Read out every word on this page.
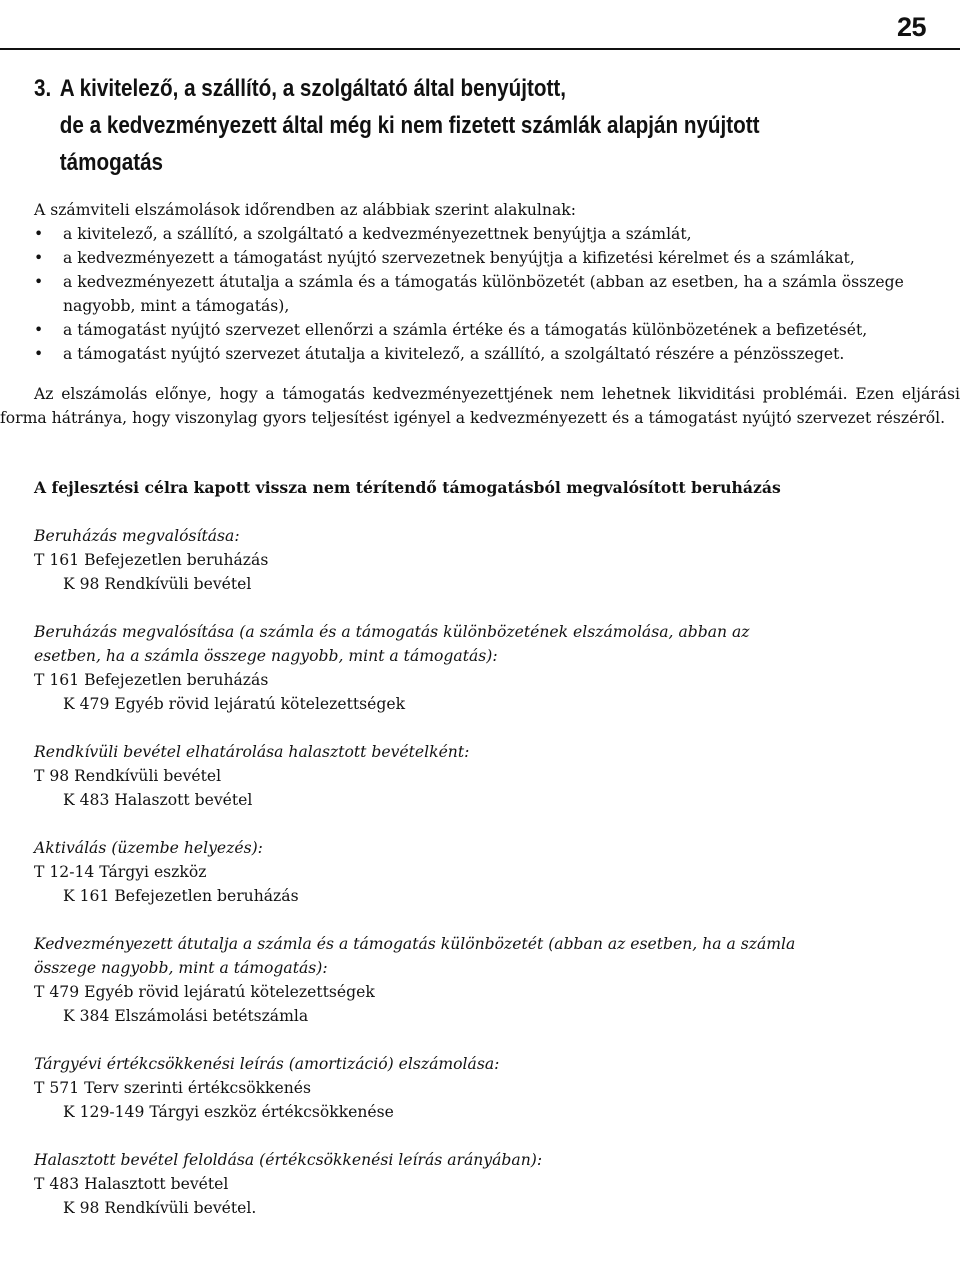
25
3. A kivitelező, a szállító, a szolgáltató által benyújtott,
de a kedvezményezett által még ki nem fizetett számlák alapján nyújtott
támogatás

A számviteli elszámolások időrendben az alábbiak szerint alakulnak:

• a kivitelező, a szállító, a szolgáltató a kedvezményezettnek benyújtja a számlát,
• a kedvezményezett a támogatást nyújtó szervezetnek benyújtja a kifizetési kérelmet és a számlákat,
• a kedvezményezett átutalja a számla és a támogatás különbözetét (abban az esetben, ha a számla összege nagyobb, mint a támogatás),
• a támogatást nyújtó szervezet ellenőrzi a számla értéke és a támogatás különbözetének a befizetését,
• a támogatást nyújtó szervezet átutalja a kivitelező, a szállító, a szolgáltató részére a pénzösszeget.

Az elszámolás előnye, hogy a támogatás kedvezményezettjének nem lehetnek likviditási problémái. Ezen eljárási forma hátránya, hogy viszonylag gyors teljesítést igényel a kedvezményezett és a támogatást nyújtó szervezet részéről.

A fejlesztési célra kapott vissza nem térítendő támogatásból megvalósított beruházás
Beruházás megvalósítása:
T 161 Befejezetlen beruházás
K 98 Rendkívüli bevétel
Beruházás megvalósítása (a számla és a támogatás különbözetének elszámolása, abban az esetben, ha a számla összege nagyobb, mint a támogatás):
T 161 Befejezetlen beruházás
K 479 Egyéb rövid lejáratú kötelezettségek
Rendkívüli bevétel elhatárolása halasztott bevételként:
T 98 Rendkívüli bevétel
K 483 Halaszott bevétel
Aktiválás (üzembe helyezés):
T 12-14 Tárgyi eszköz
K 161 Befejezetlen beruházás
Kedvezményezett átutalja a számla és a támogatás különbözetét (abban az esetben, ha a számla összege nagyobb, mint a támogatás):
T 479 Egyéb rövid lejáratú kötelezettségek
K 384 Elszámolási betétszámla
Tárgyévi értékcsökkenési leírás (amortizáció) elszámolása:
T 571 Terv szerinti értékcsökkenés
K 129-149 Tárgyi eszköz értékcsökkenése
Halasztott bevétel feloldása (értékcsökkenési leírás arányában):
T 483 Halasztott bevétel
K 98 Rendkívüli bevétel.
